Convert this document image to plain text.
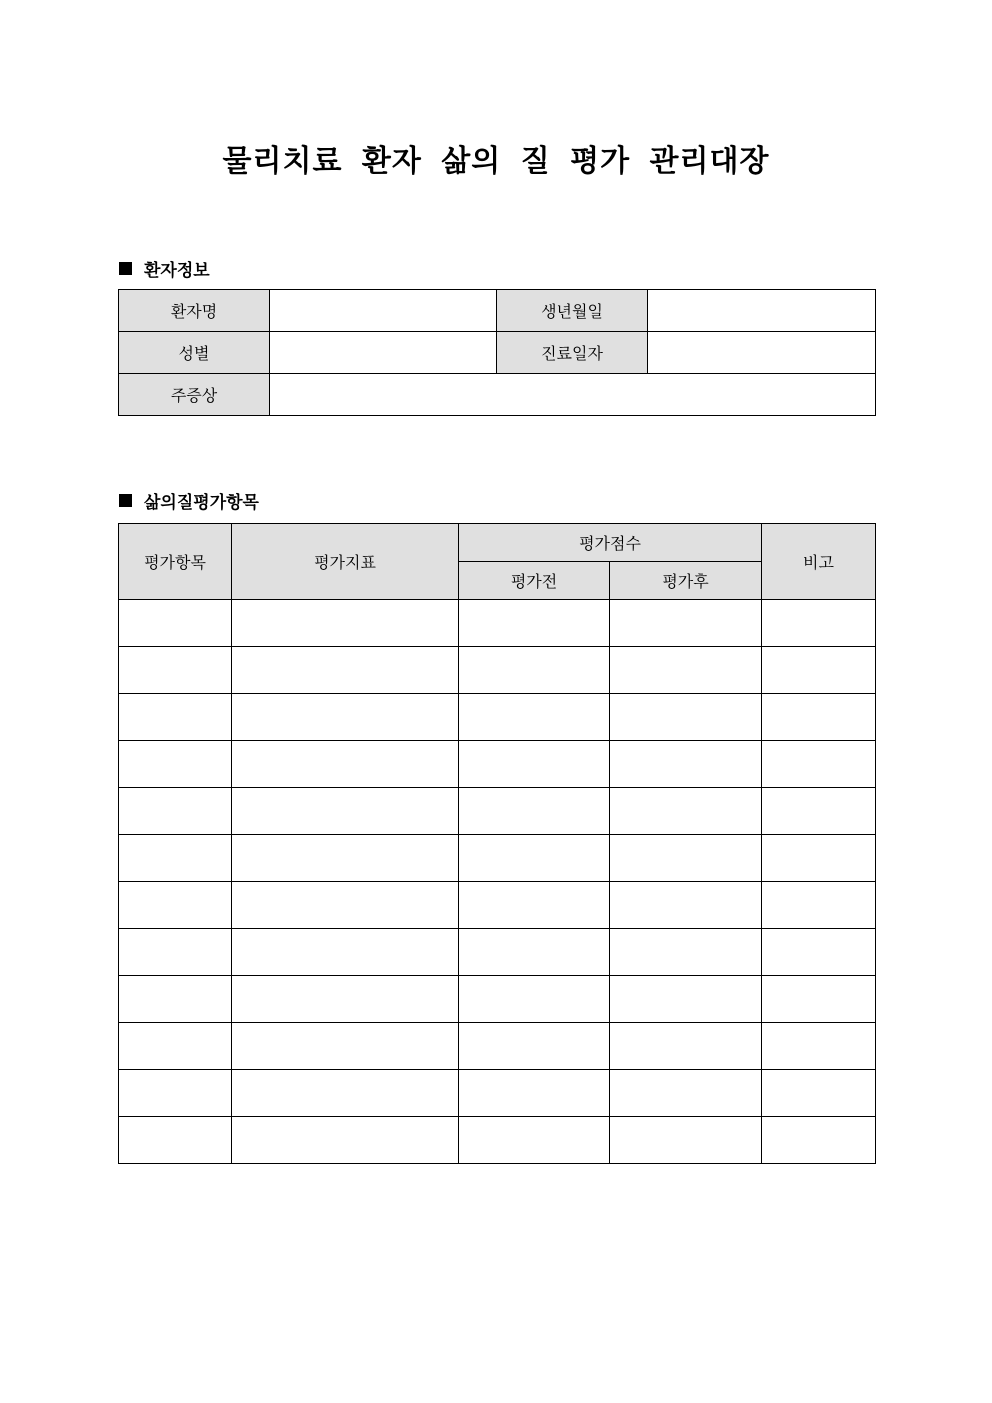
물리치료 환자 삶의 질 평가 관리대장
환자정보
환자명		생년월일	
성별		진료일자	
주증상			
삶의질평가항목
평가항목	평가지표	평가점수		비고
		평가전	평가후	
